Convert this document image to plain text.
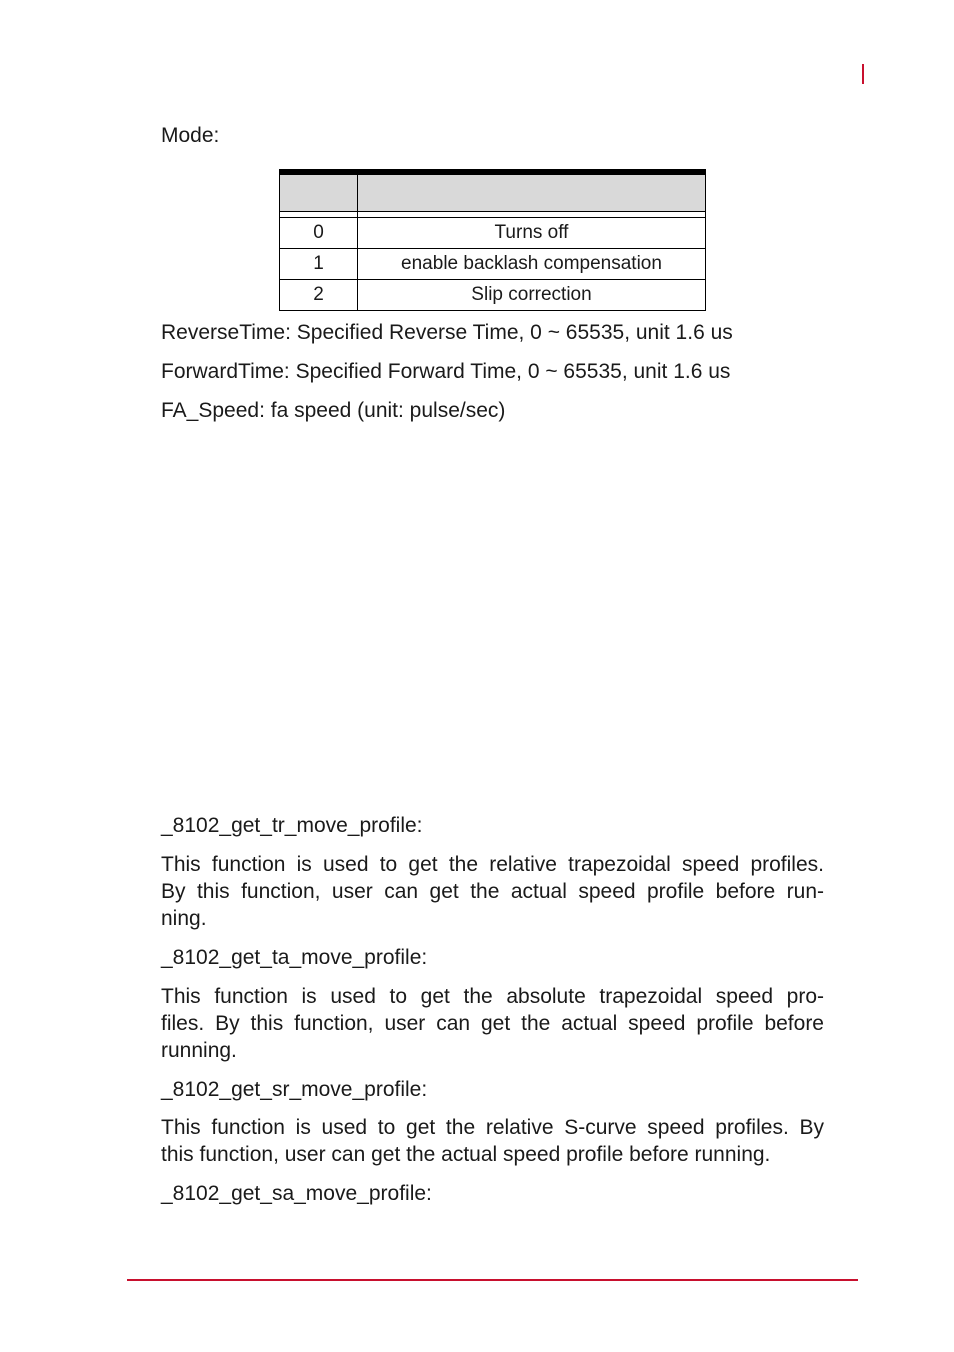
Mode:

0	Turns off
1	enable backlash compensation
2	Slip correction
ReverseTime: Specified Reverse Time, 0 ~ 65535, unit 1.6 us
ForwardTime: Specified Forward Time, 0 ~ 65535, unit 1.6 us
FA_Speed: fa speed (unit: pulse/sec)
_8102_get_tr_move_profile:
This function is used to get the relative trapezoidal speed profiles.
By this function, user can get the actual speed profile before run-
ning.
_8102_get_ta_move_profile:
This function is used to get the absolute trapezoidal speed pro-
files. By this function, user can get the actual speed profile before
running.
_8102_get_sr_move_profile:
This function is used to get the relative S-curve speed profiles. By
this function, user can get the actual speed profile before running.
_8102_get_sa_move_profile:
